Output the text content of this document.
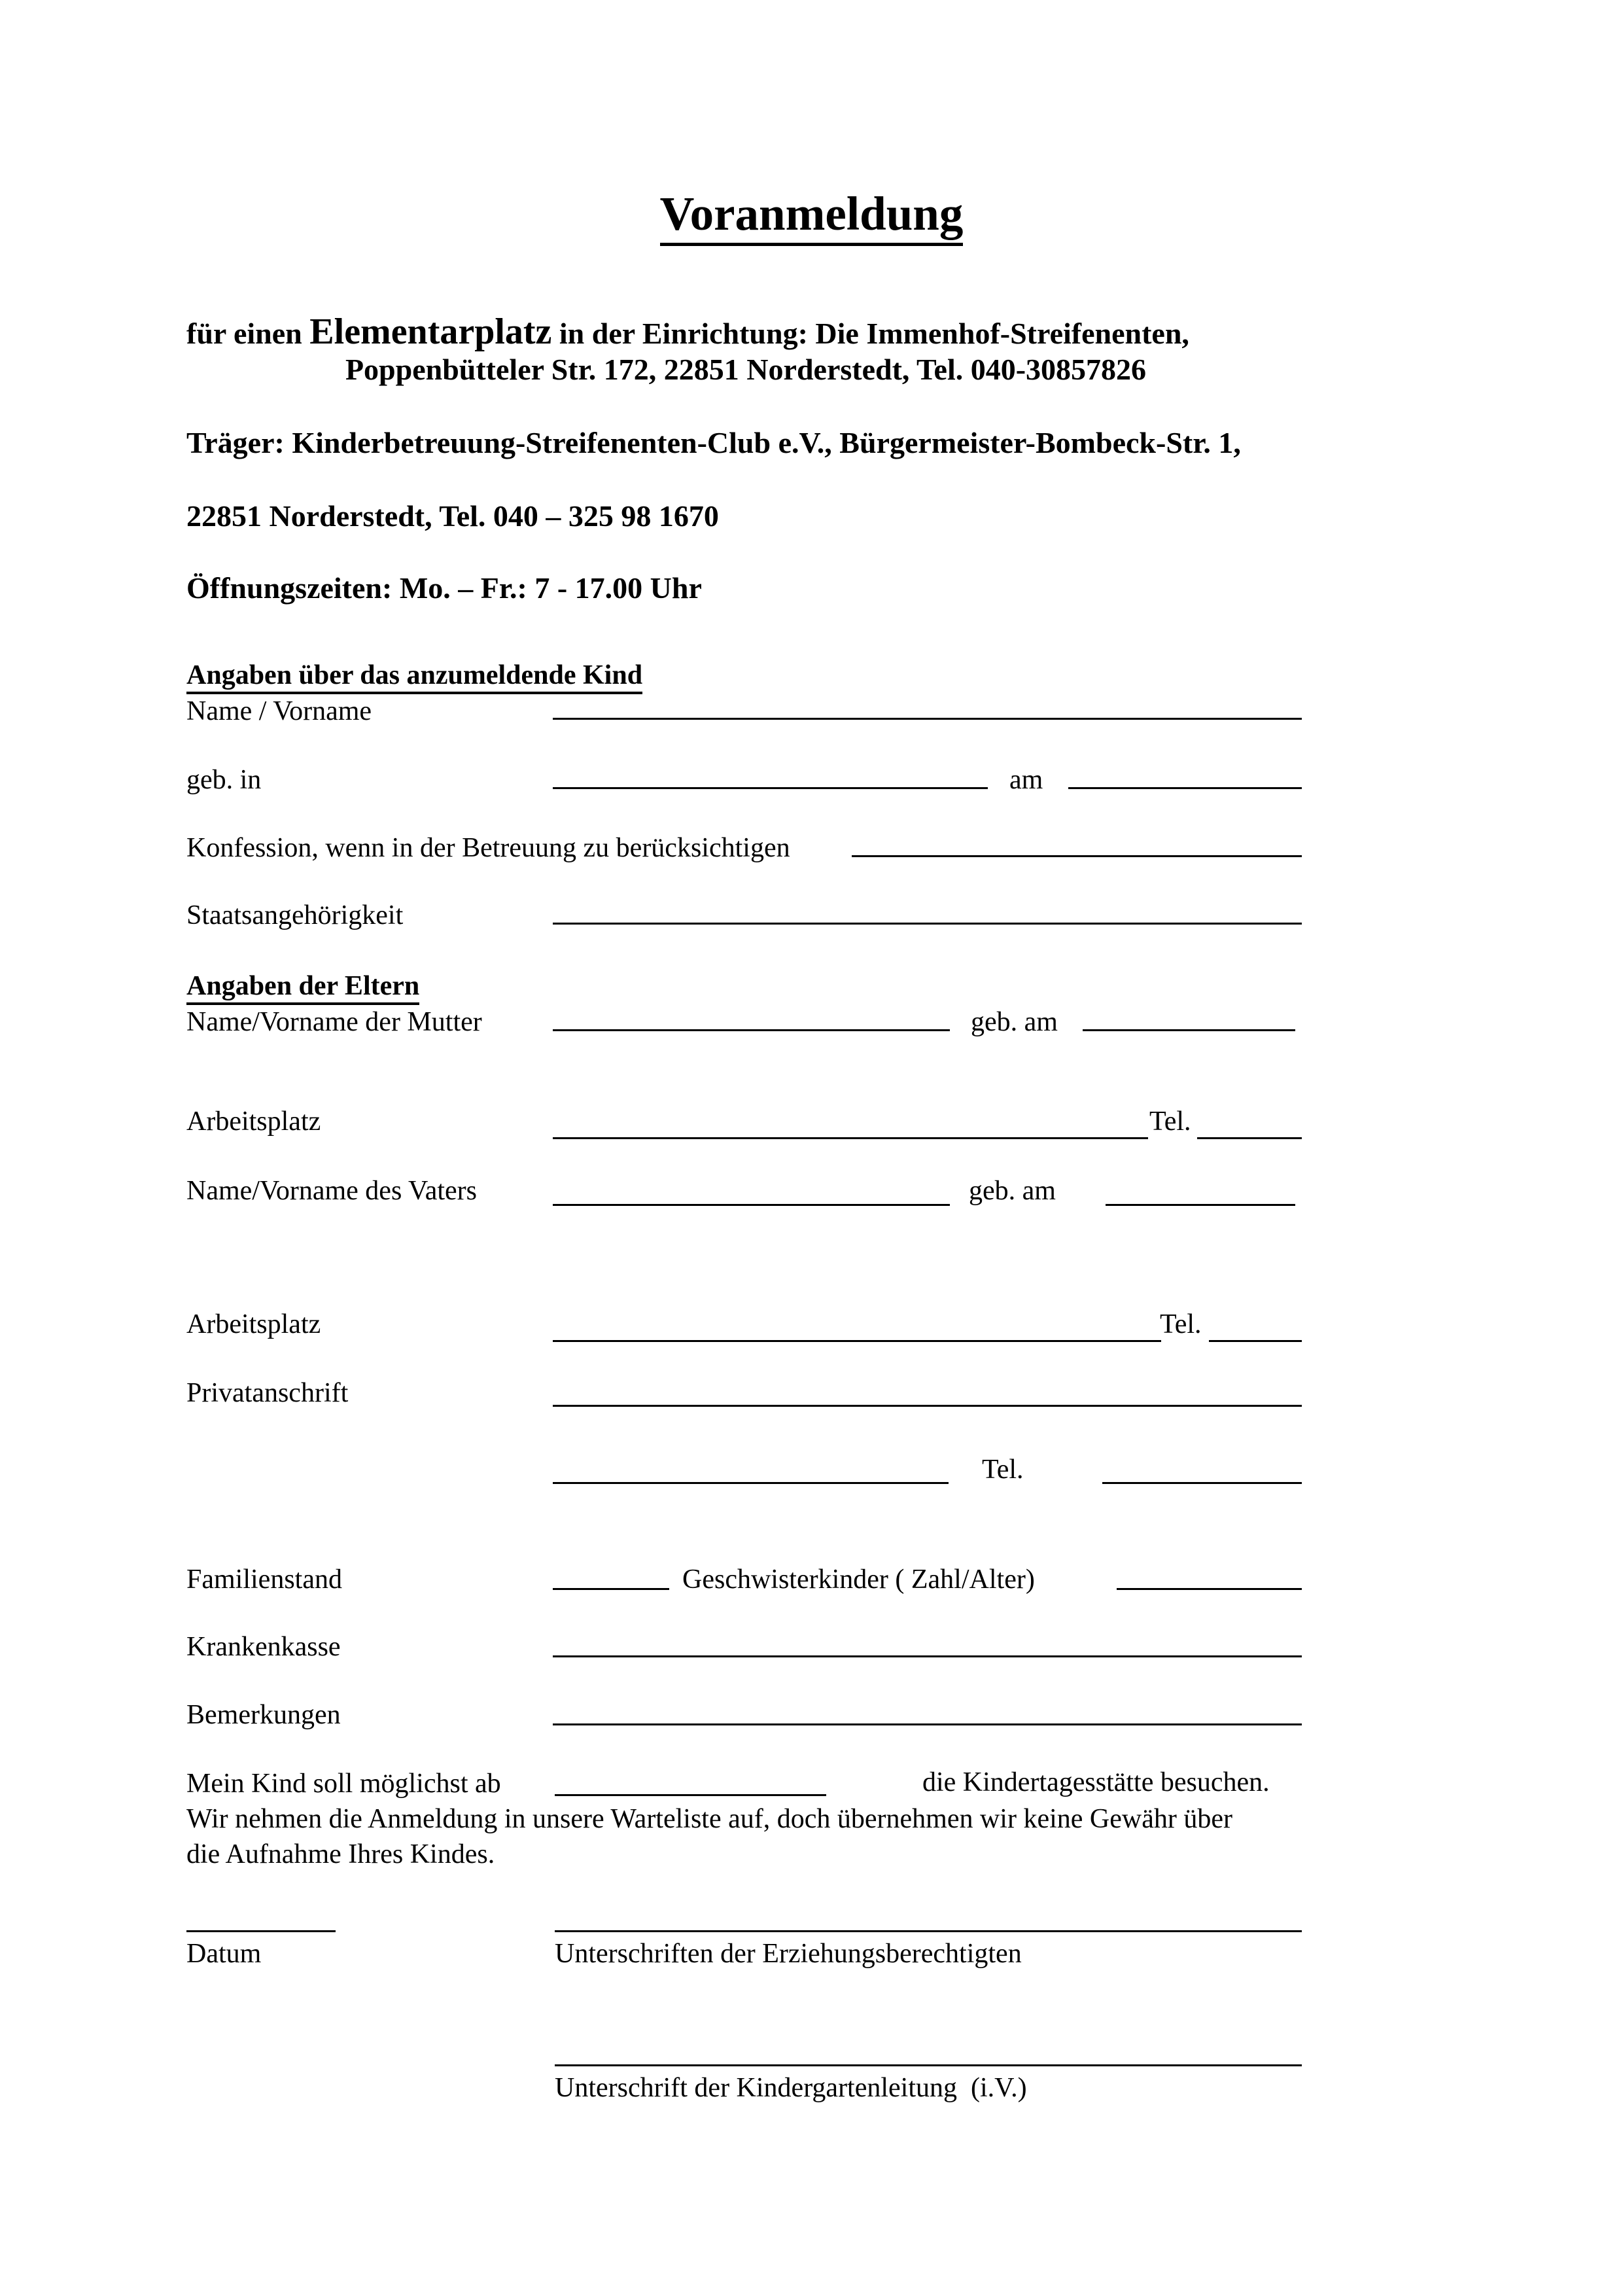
Voranmeldung
für einen Elementarplatz in der Einrichtung: Die Immenhof-Streifenenten,
Poppenbütteler Str. 172, 22851 Norderstedt, Tel. 040-30857826
Träger: Kinderbetreuung-Streifenenten-Club e.V., Bürgermeister-Bombeck-Str. 1,
22851 Norderstedt, Tel. 040 – 325 98 1670
Öffnungszeiten: Mo. – Fr.: 7 - 17.00 Uhr
Angaben über das anzumeldende Kind
Name / Vorname
geb. in	am
Konfession, wenn in der Betreuung zu berücksichtigen
Staatsangehörigkeit
Angaben der Eltern
Name/Vorname der Mutter	geb. am
Arbeitsplatz	Tel.
Name/Vorname des Vaters	geb. am
Arbeitsplatz	Tel.
Privatanschrift
Tel.
Familienstand	Geschwisterkinder ( Zahl/Alter)
Krankenkasse
Bemerkungen
Mein Kind soll möglichst ab	die Kindertagesstätte besuchen.
Wir nehmen die Anmeldung in unsere Warteliste auf, doch übernehmen wir keine Gewähr über
die Aufnahme Ihres Kindes.
Datum	Unterschriften der Erziehungsberechtigten
Unterschrift der Kindergartenleitung  (i.V.)
